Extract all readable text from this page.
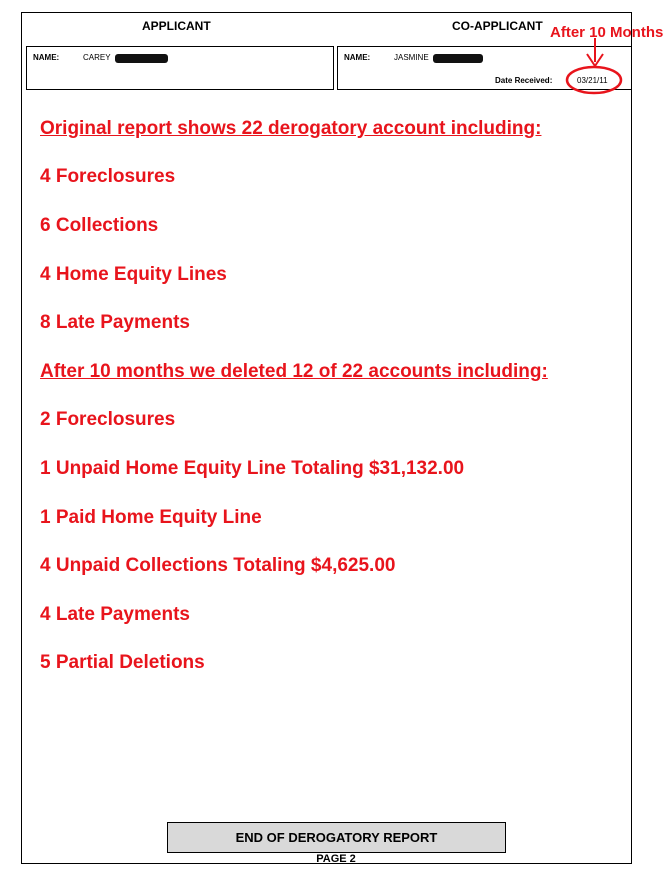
APPLICANT	CO-APPLICANT
NAME:	CAREY	NAME:	JASMINE
Date Received:	03/21/11
After 10 Months
Original report shows 22 derogatory account including:
4 Foreclosures
6 Collections
4 Home Equity Lines
8 Late Payments
After 10 months we deleted 12 of 22 accounts including:
2 Foreclosures
1 Unpaid Home Equity Line Totaling $31,132.00
1 Paid Home Equity Line
4 Unpaid Collections Totaling $4,625.00
4 Late Payments
5 Partial Deletions
END OF DEROGATORY REPORT
PAGE 2
